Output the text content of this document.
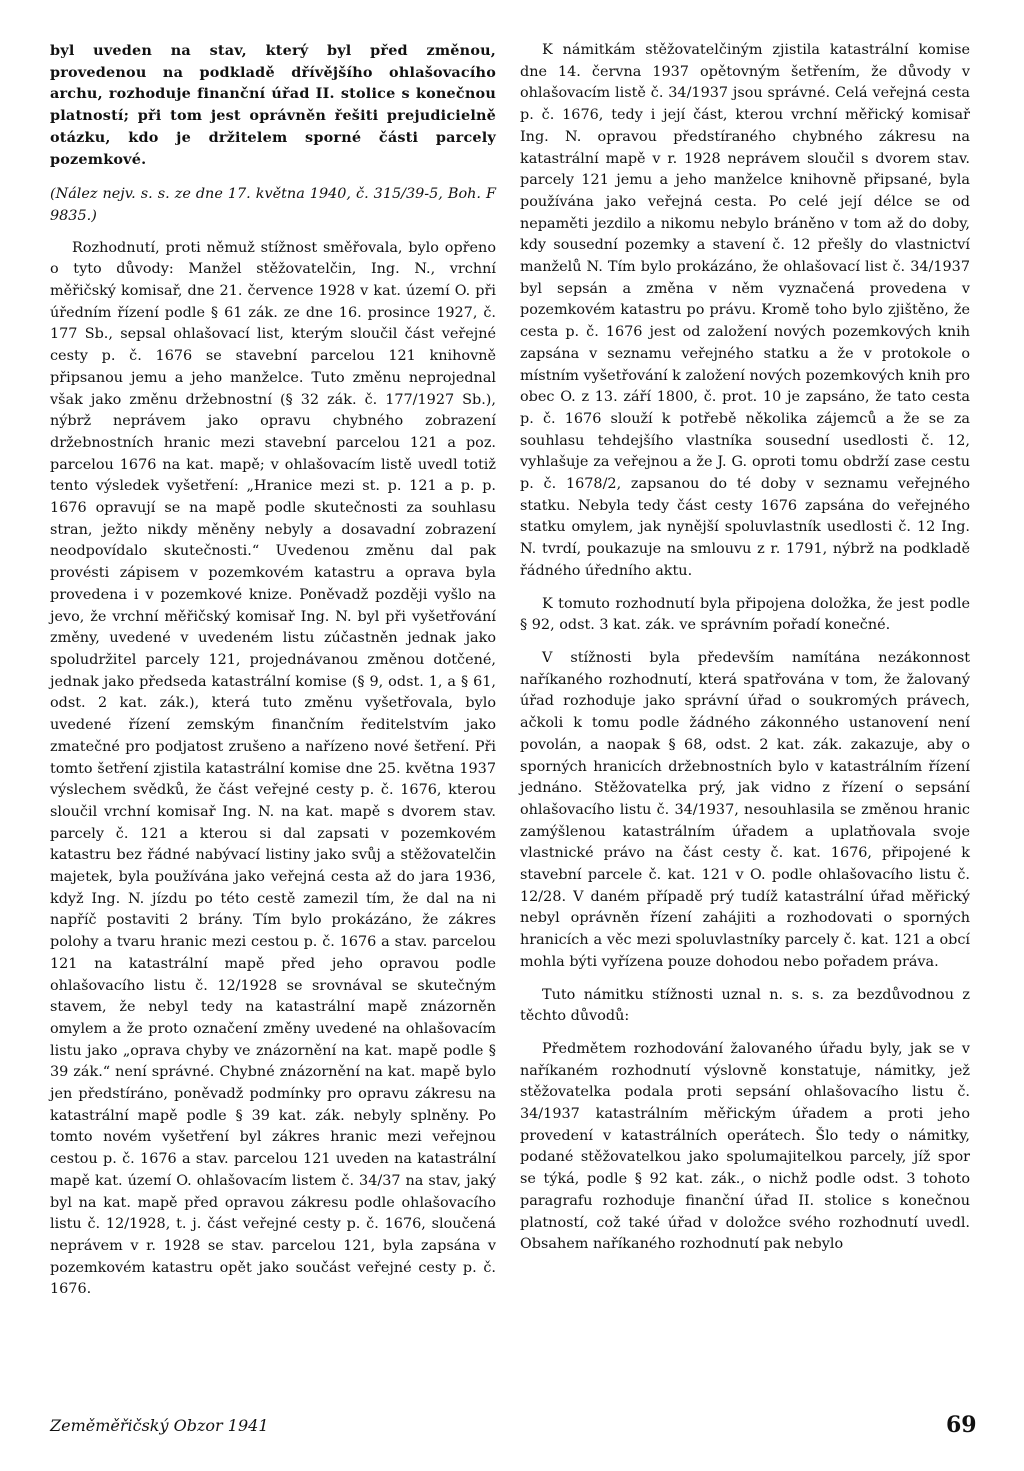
byl uveden na stav, který byl před změnou, provedenou na podkladě dřívějšího ohlašovacího archu, rozhoduje finanční úřad II. stolice s konečnou platností; při tom jest oprávněn řešiti prejudicielně otázku, kdo je držitelem sporné části parcely pozemkové.

(Nález nejv. s. s. ze dne 17. května 1940, č. 315/39-5, Boh. F 9835.)

Rozhodnutí, proti němuž stížnost směřovala, bylo opřeno o tyto důvody: Manžel stěžovatelčin, Ing. N., vrchní měřičský komisař, dne 21. července 1928 v kat. území O. při úředním řízení podle § 61 zák. ze dne 16. prosince 1927, č. 177 Sb., sepsal ohlašovací list, kterým sloučil část veřejné cesty p. č. 1676 se stavební parcelou 121 knihovně připsanou jemu a jeho manželce. Tuto změnu neprojednal však jako změnu držebnostní (§ 32 zák. č. 177/1927 Sb.), nýbrž neprávem jako opravu chybného zobrazení držebnostních hranic mezi stavební parcelou 121 a poz. parcelou 1676 na kat. mapě; v ohlašovacím listě uvedl totiž tento výsledek vyšetření: „Hranice mezi st. p. 121 a p. p. 1676 opravují se na mapě podle skutečnosti za souhlasu stran, ježto nikdy měněny nebyly a dosavadní zobrazení neodpovídalo skutečnosti.“ Uvedenou změnu dal pak provésti zápisem v pozemkovém katastru a oprava byla provedena i v pozemkové knize. Poněvadž později vyšlo na jevo, že vrchní měřičský komisař Ing. N. byl při vyšetřování změny, uvedené v uvedeném listu zúčastněn jednak jako spoludržitel parcely 121, projednávanou změnou dotčené, jednak jako předseda katastrální komise (§ 9, odst. 1, a § 61, odst. 2 kat. zák.), která tuto změnu vyšetřovala, bylo uvedené řízení zemským finančním ředitelstvím jako zmatečné pro podjatost zrušeno a nařízeno nové šetření. Při tomto šetření zjistila katastrální komise dne 25. května 1937 výslechem svědků, že část veřejné cesty p. č. 1676, kterou sloučil vrchní komisař Ing. N. na kat. mapě s dvorem stav. parcely č. 121 a kterou si dal zapsati v pozemkovém katastru bez řádné nabývací listiny jako svůj a stěžovatelčin majetek, byla používána jako veřejná cesta až do jara 1936, když Ing. N. jízdu po této cestě zamezil tím, že dal na ni napříč postaviti 2 brány. Tím bylo prokázáno, že zákres polohy a tvaru hranic mezi cestou p. č. 1676 a stav. parcelou 121 na katastrální mapě před jeho opravou podle ohlašovacího listu č. 12/1928 se srovnával se skutečným stavem, že nebyl tedy na katastrální mapě znázorněn omylem a že proto označení změny uvedené na ohlašovacím listu jako „oprava chyby ve znázornění na kat. mapě podle § 39 zák.“ není správné. Chybné znázornění na kat. mapě bylo jen předstíráno, poněvadž podmínky pro opravu zákresu na katastrální mapě podle § 39 kat. zák. nebyly splněny. Po tomto novém vyšetření byl zákres hranic mezi veřejnou cestou p. č. 1676 a stav. parcelou 121 uveden na katastrální mapě kat. území O. ohlašovacím listem č. 34/37 na stav, jaký byl na kat. mapě před opravou zákresu podle ohlašovacího listu č. 12/1928, t. j. část veřejné cesty p. č. 1676, sloučená neprávem v r. 1928 se stav. parcelou 121, byla zapsána v pozemkovém katastru opět jako součást veřejné cesty p. č. 1676.

K námitkám stěžovatelčiným zjistila katastrální komise dne 14. června 1937 opětovným šetřením, že důvody v ohlašovacím listě č. 34/1937 jsou správné. Celá veřejná cesta p. č. 1676, tedy i její část, kterou vrchní měřický komisař Ing. N. opravou předstíraného chybného zákresu na katastrální mapě v r. 1928 neprávem sloučil s dvorem stav. parcely 121 jemu a jeho manželce knihovně připsané, byla používána jako veřejná cesta. Po celé její délce se od nepaměti jezdilo a nikomu nebylo bráněno v tom až do doby, kdy sousední pozemky a stavení č. 12 přešly do vlastnictví manželů N. Tím bylo prokázáno, že ohlašovací list č. 34/1937 byl sepsán a změna v něm vyznačená provedena v pozemkovém katastru po právu. Kromě toho bylo zjištěno, že cesta p. č. 1676 jest od založení nových pozemkových knih zapsána v seznamu veřejného statku a že v protokole o místním vyšetřování k založení nových pozemkových knih pro obec O. z 13. září 1800, č. prot. 10 je zapsáno, že tato cesta p. č. 1676 slouží k potřebě několika zájemců a že se za souhlasu tehdejšího vlastníka sousední usedlosti č. 12, vyhlašuje za veřejnou a že J. G. oproti tomu obdrží zase cestu p. č. 1678/2, zapsanou do té doby v seznamu veřejného statku. Nebyla tedy část cesty 1676 zapsána do veřejného statku omylem, jak nynější spoluvlastník usedlosti č. 12 Ing. N. tvrdí, poukazuje na smlouvu z r. 1791, nýbrž na podkladě řádného úředního aktu.

K tomuto rozhodnutí byla připojena doložka, že jest podle § 92, odst. 3 kat. zák. ve správním pořadí konečné.

V stížnosti byla především namítána nezákonnost naříkaného rozhodnutí, která spatřována v tom, že žalovaný úřad rozhoduje jako správní úřad o soukromých právech, ačkoli k tomu podle žádného zákonného ustanovení není povolán, a naopak § 68, odst. 2 kat. zák. zakazuje, aby o sporných hranicích držebnostních bylo v katastrálním řízení jednáno. Stěžovatelka prý, jak vidno z řízení o sepsání ohlašovacího listu č. 34/1937, nesouhlasila se změnou hranic zamýšlenou katastrálním úřadem a uplatňovala svoje vlastnické právo na část cesty č. kat. 1676, připojené k stavební parcele č. kat. 121 v O. podle ohlašovacího listu č. 12/28. V daném případě prý tudíž katastrální úřad měřický nebyl oprávněn řízení zahájiti a rozhodovati o sporných hranicích a věc mezi spoluvlastníky parcely č. kat. 121 a obcí mohla býti vyřízena pouze dohodou nebo pořadem práva.

Tuto námitku stížnosti uznal n. s. s. za bezdůvodnou z těchto důvodů:

Předmětem rozhodování žalovaného úřadu byly, jak se v naříkaném rozhodnutí výslovně konstatuje, námitky, jež stěžovatelka podala proti sepsání ohlašovacího listu č. 34/1937 katastrálním měřickým úřadem a proti jeho provedení v katastrálních operátech. Šlo tedy o námitky, podané stěžovatelkou jako spolumajitelkou parcely, jíž spor se týká, podle § 92 kat. zák., o nichž podle odst. 3 tohoto paragrafu rozhoduje finanční úřad II. stolice s konečnou platností, což také úřad v doložce svého rozhodnutí uvedl. Obsahem naříkaného rozhodnutí pak nebylo

Zeměměřičský Obzor 1941	69
